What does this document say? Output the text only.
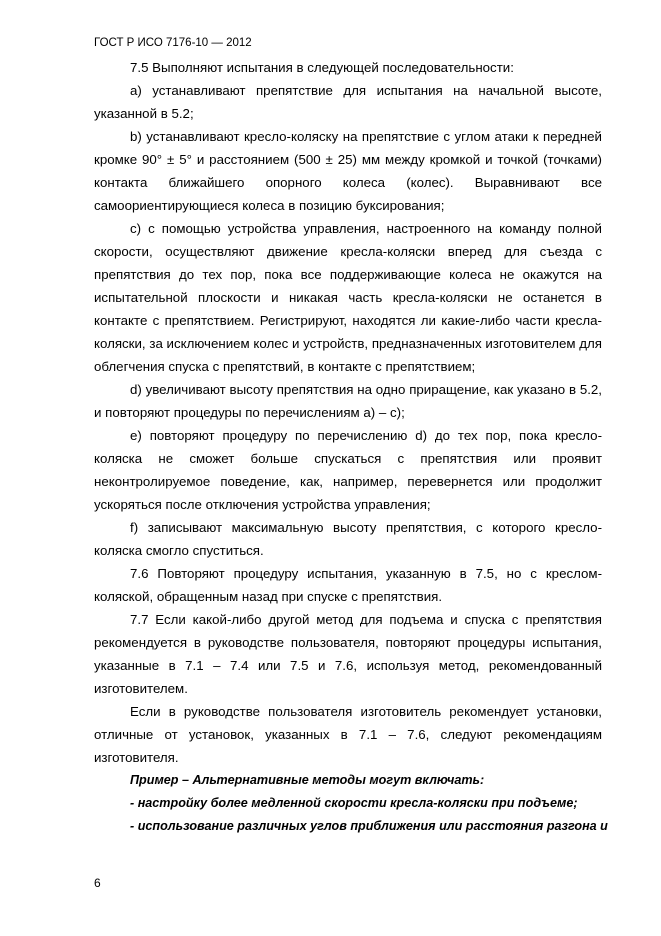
ГОСТ Р ИСО 7176-10 — 2012

7.5 Выполняют испытания в следующей последовательности:

a) устанавливают препятствие для испытания на начальной высоте, указанной в 5.2;

b) устанавливают кресло-коляску на препятствие с углом атаки к передней кромке 90° ± 5° и расстоянием (500 ± 25) мм между кромкой и точкой (точками) контакта ближайшего опорного колеса (колес). Выравнивают все самоориентирующиеся колеса в позицию буксирования;

c) с помощью устройства управления, настроенного на команду полной скорости, осуществляют движение кресла-коляски вперед для съезда с препятствия до тех пор, пока все поддерживающие колеса не окажутся на испытательной плоскости и никакая часть кресла-коляски не останется в контакте с препятствием. Регистрируют, находятся ли какие-либо части кресла-коляски, за исключением колес и устройств, предназначенных изготовителем для облегчения спуска с препятствий, в контакте с препятствием;

d) увеличивают высоту препятствия на одно приращение, как указано в 5.2, и повторяют процедуры по перечислениям а) – с);

e) повторяют процедуру по перечислению d) до тех пор, пока кресло-коляска не сможет больше спускаться с препятствия или проявит неконтролируемое поведение, как, например, перевернется или продолжит ускоряться после отключения устройства управления;

f) записывают максимальную высоту препятствия, с которого кресло-коляска смогло спуститься.

7.6 Повторяют процедуру испытания, указанную в 7.5, но с креслом-коляской, обращенным назад при спуске с препятствия.

7.7 Если какой-либо другой метод для подъема и спуска с препятствия рекомендуется в руководстве пользователя, повторяют процедуры испытания, указанные в 7.1 – 7.4 или 7.5 и 7.6, используя метод, рекомендованный изготовителем.

Если в руководстве пользователя изготовитель рекомендует установки, отличные от установок, указанных в 7.1 – 7.6, следуют рекомендациям изготовителя.

Пример – Альтернативные методы могут включать:

- настройку более медленной скорости кресла-коляски при подъеме;

- использование различных углов приближения или расстояния разгона и

6
